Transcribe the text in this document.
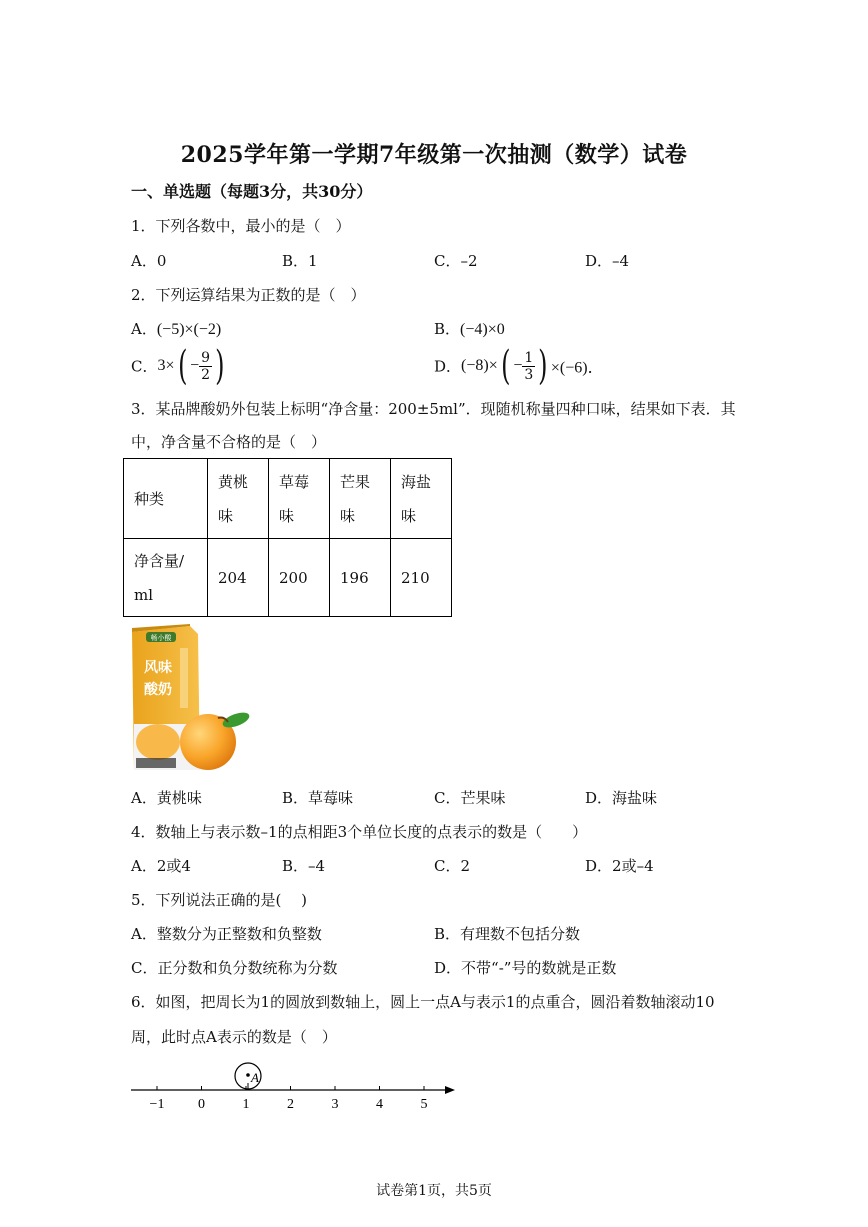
2025学年第一学期7年级第一次抽测（数学）试卷
一、单选题（每题3分，共30分）
1．下列各数中，最小的是（　）
A．0	B．1	C．–2	D．–4
2．下列运算结果为正数的是（　）
A．(−5)×(−2)	B．(−4)×0
C．$3\times( - \frac{9}{2}$ )	D．$(-8)\times( - \frac{1}{3}$ ) ×(−6)．
3．某品牌酸奶外包装上标明“净含量：200±5ml”．现随机称量四种口味，结果如下表．其
中，净含量不合格的是（　）
种类	黄桃味	草莓味	芒果味	海盐味
净含量/ml	204	200	196	210
畅小酸
风味
酸奶
A．黄桃味	B．草莓味	C．芒果味	D．海盐味
4．数轴上与表示数–1的点相距3个单位长度的点表示的数是（　　）
A．2或4	B．–4	C．2	D．2或–4
5．下列说法正确的是(　 )
A．整数分为正整数和负整数	B．有理数不包括分数
C．正分数和负分数统称为分数	D．不带“-”号的数就是正数
6．如图，把周长为1的圆放到数轴上，圆上一点A与表示1的点重合，圆沿着数轴滚动10
周，此时点A表示的数是（　）
−1 0	1	2	3	4	5
A
试卷第1页，共5页
